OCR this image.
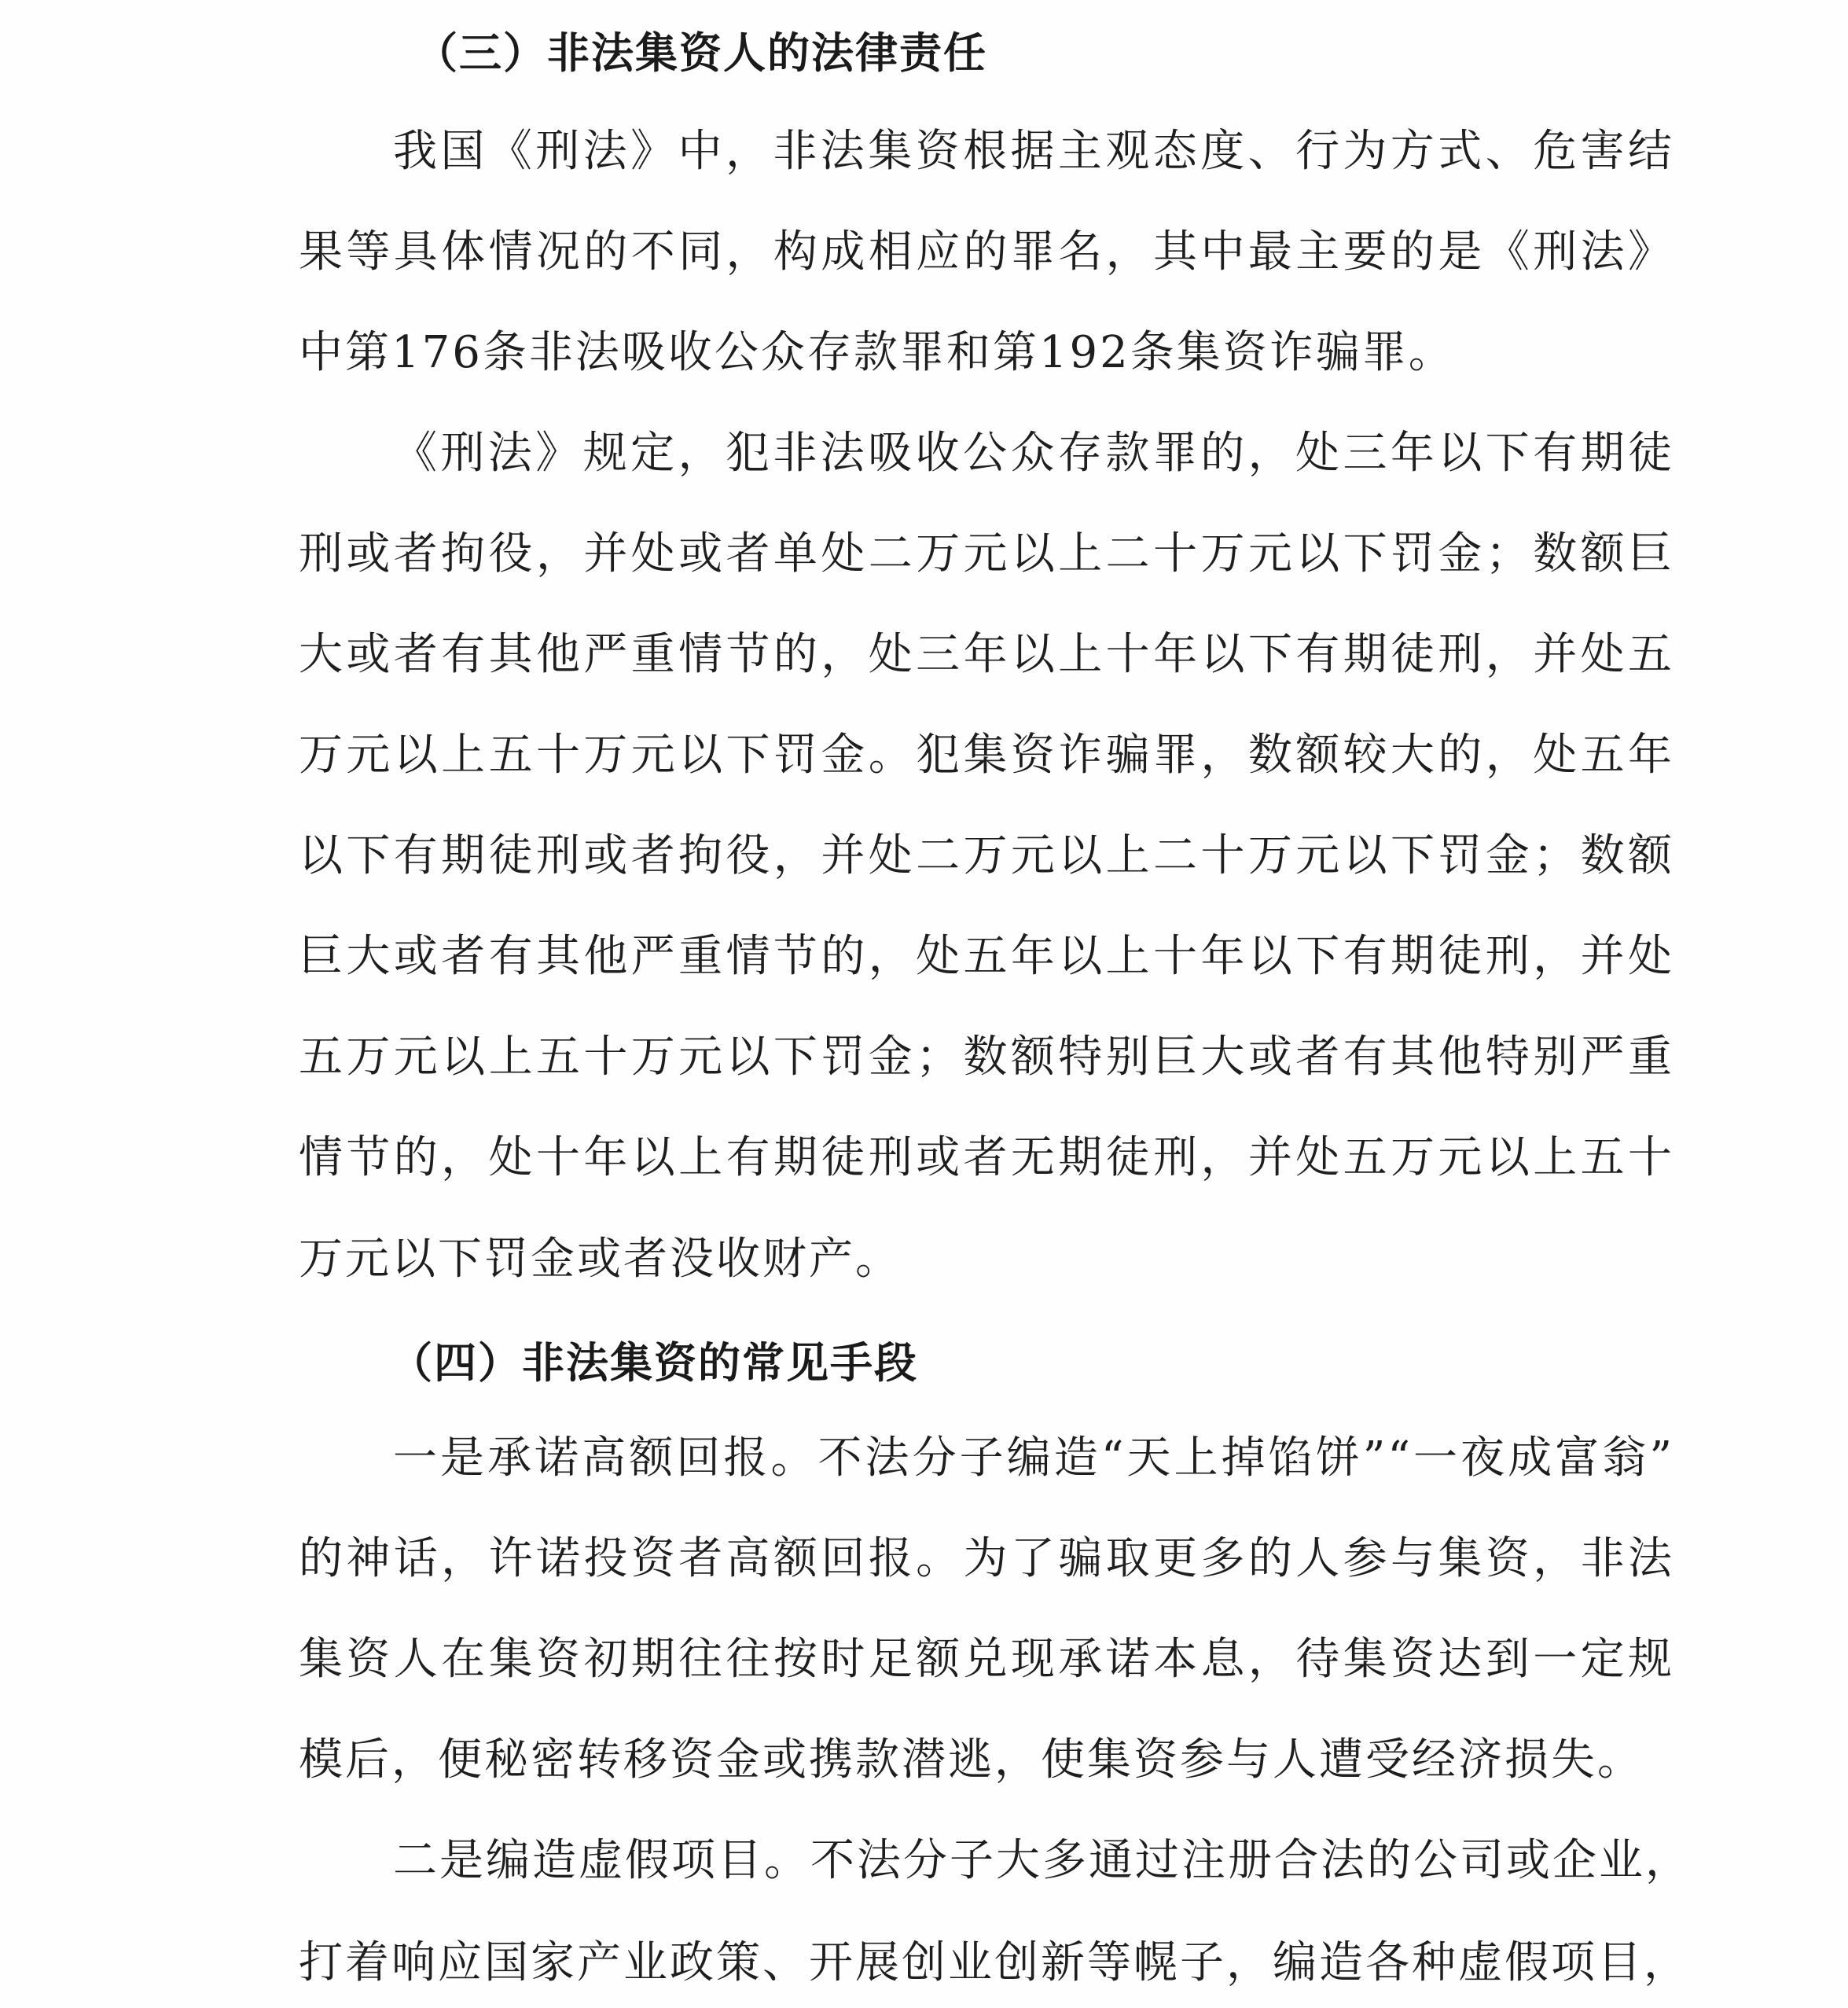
（三）非法集资人的法律责任
我国《刑法》中，非法集资根据主观态度、行为方式、危害结
果等具体情况的不同，构成相应的罪名，其中最主要的是《刑法》
中第176条非法吸收公众存款罪和第192条集资诈骗罪。
《刑法》规定，犯非法吸收公众存款罪的，处三年以下有期徒
刑或者拘役，并处或者单处二万元以上二十万元以下罚金；数额巨
大或者有其他严重情节的，处三年以上十年以下有期徒刑，并处五
万元以上五十万元以下罚金。犯集资诈骗罪，数额较大的，处五年
以下有期徒刑或者拘役，并处二万元以上二十万元以下罚金；数额
巨大或者有其他严重情节的，处五年以上十年以下有期徒刑，并处
五万元以上五十万元以下罚金；数额特别巨大或者有其他特别严重
情节的，处十年以上有期徒刑或者无期徒刑，并处五万元以上五十
万元以下罚金或者没收财产。
（四）非法集资的常见手段
一是承诺高额回报。不法分子编造“天上掉馅饼”“一夜成富翁”
的神话，许诺投资者高额回报。为了骗取更多的人参与集资，非法
集资人在集资初期往往按时足额兑现承诺本息，待集资达到一定规
模后，便秘密转移资金或携款潜逃，使集资参与人遭受经济损失。
二是编造虚假项目。不法分子大多通过注册合法的公司或企业，
打着响应国家产业政策、开展创业创新等幌子，编造各种虚假项目，
